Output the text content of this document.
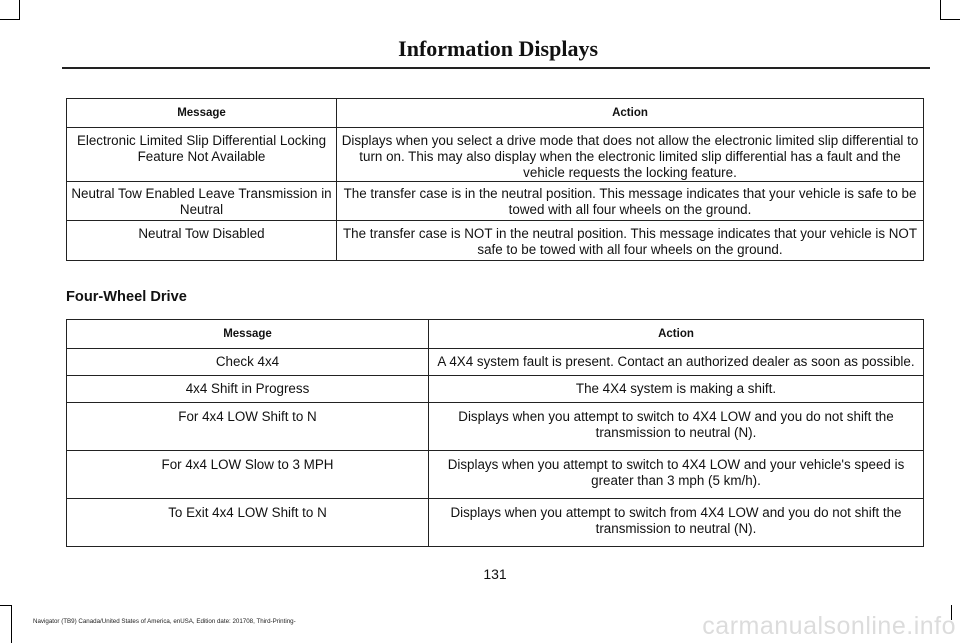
Information Displays
Message	Action
Electronic Limited Slip Differential Locking Feature Not Available	Displays when you select a drive mode that does not allow the electronic limited slip differential to turn on. This may also display when the electronic limited slip differential has a fault and the vehicle requests the locking feature.
Neutral Tow Enabled Leave Transmission in Neutral	The transfer case is in the neutral position. This message indicates that your vehicle is safe to be towed with all four wheels on the ground.
Neutral Tow Disabled	The transfer case is NOT in the neutral position. This message indicates that your vehicle is NOT safe to be towed with all four wheels on the ground.
Four-Wheel Drive
Message	Action
Check 4x4	A 4X4 system fault is present. Contact an authorized dealer as soon as possible.
4x4 Shift in Progress	The 4X4 system is making a shift.
For 4x4 LOW Shift to N	Displays when you attempt to switch to 4X4 LOW and you do not shift the transmission to neutral (N).
For 4x4 LOW Slow to 3 MPH	Displays when you attempt to switch to 4X4 LOW and your vehicle's speed is greater than 3 mph (5 km/h).
To Exit 4x4 LOW Shift to N	Displays when you attempt to switch from 4X4 LOW and you do not shift the transmission to neutral (N).
131
Navigator (TB9) Canada/United States of America, enUSA, Edition date: 201708, Third-Printing-	carmanualsonline.info
